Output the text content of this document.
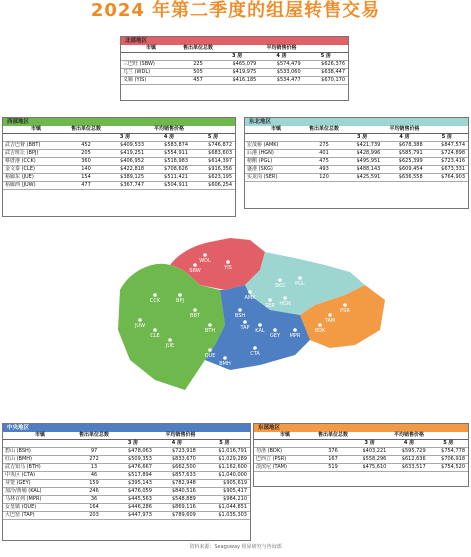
2024 年第二季度的组屋转售交易
北部地区
市镇	售出单位总数	平均销售价格		
		3 房	4 房	5 房
三巴旺 (SBW)	225	$465,079	$574,479	$626,376
兀兰 (WDL)	505	$419,975	$533,060	$638,447
义顺 (YIS)	457	$416,185	$534,477	$670,170
西部地区
市镇	售出单位总数	平均销售价格		
		3 房	4 房	5 房
武吉巴督 (BBT)	452	$409,533	$583,874	$746,872
武吉班让 (BPJ)	205	$419,251	$554,911	$683,603
蔡厝港 (CCK)	360	$406,952	$518,983	$614,397
金文泰 (CLE)	140	$422,818	$708,626	$916,356
裕廊东 (JUE)	154	$389,125	$511,421	$623,195
裕廊西 (JUW)	477	$367,747	$504,911	$606,254
东北地区
市镇	售出单位总数	平均销售价格		
		3 房	4 房	5 房
宏茂桥 (AMK)	275	$421,739	$678,388	$847,574
后港 (HGN)	401	$428,996	$585,791	$724,898
榜鹅 (PGL)	475	$495,951	$625,399	$723,416
盛港 (SKG)	493	$488,143	$609,454	$673,331
实龙岗 (SER)	120	$425,591	$636,558	$764,903
WDL
SBW	YIS
CCK	BPJ	AMK
SKG PGL
SER HGN
JUW
BBT	BSH
TAP
PSR
TAM
BDK
CLE
JUE
BTH	KAL
GEY MPR
QUE
BMH
CTA
中央地区
市镇	售出单位总数	平均销售价格		
		3 房	4 房	5 房
碧山 (BSH)	97	$478,063	$723,918	$1,016,791
红山 (BMH)	272	$509,353	$833,670	$1,029,289
武吉知马 (BTH)	13	$476,667	$662,500	$1,162,600
中央区 (CTA)	46	$517,894	$857,633	$1,040,000
芽笼 (GEY)	159	$395,143	$782,948	$905,619
加冷/黄埔 (KAL)	246	$476,059	$840,516	$905,417
马林百列 (MPR)	36	$445,563	$548,889	$984,210
女皇镇 (QUE)	164	$446,286	$869,116	$1,044,851
大巴窑 (TAP)	203	$447,973	$789,609	$1,035,303
东部地区
市镇	售出单位总数	平均销售价格		
		3 房	4 房	5 房
勿洛 (BDK)	376	$403,221	$595,729	$754,778
巴西立 (PSR)	167	$558,296	$612,636	$706,918
淡滨尼 (TAM)	519	$475,610	$633,517	$754,520
资料来源：Seagoway 组屋研究与咨询部
